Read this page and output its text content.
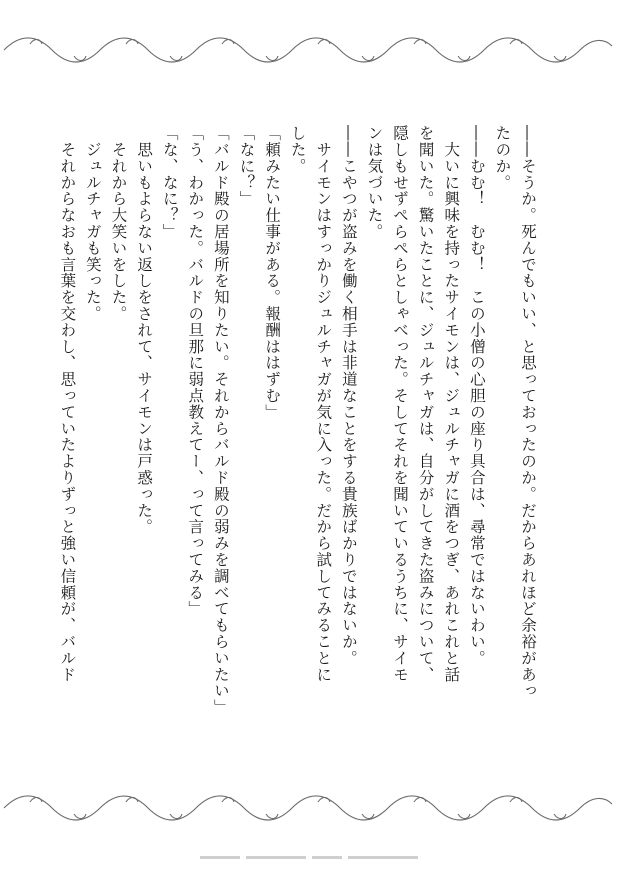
――そうか。死んでもいい、と思っておったのか。だからあれほど余裕があっ

たのか。

――むむ！　むむ！　この小僧の心胆の座り具合は、尋常ではないわい。

　大いに興味を持ったサイモンは、ジュルチャガに酒をつぎ、あれこれと話

を聞いた。驚いたことに、ジュルチャガは、自分がしてきた盗みについて、

隠しもせずぺらぺらとしゃべった。そしてそれを聞いているうちに、サイモ

ンは気づいた。

――こやつが盗みを働く相手は非道なことをする貴族ばかりではないか。

　サイモンはすっかりジュルチャガが気に入った。だから試してみることに

した。

「頼みたい仕事がある。報酬ははずむ」

「なに？」

「バルド殿の居場所を知りたい。それからバルド殿の弱みを調べてもらいたい」

「う、わかった。バルドの旦那に弱点教えてー、って言ってみる」

「な、なに？」

　思いもよらない返しをされて、サイモンは戸惑った。

　それから大笑いをした。

　ジュルチャガも笑った。

　それからなおも言葉を交わし、思っていたよりずっと強い信頼が、バルド
